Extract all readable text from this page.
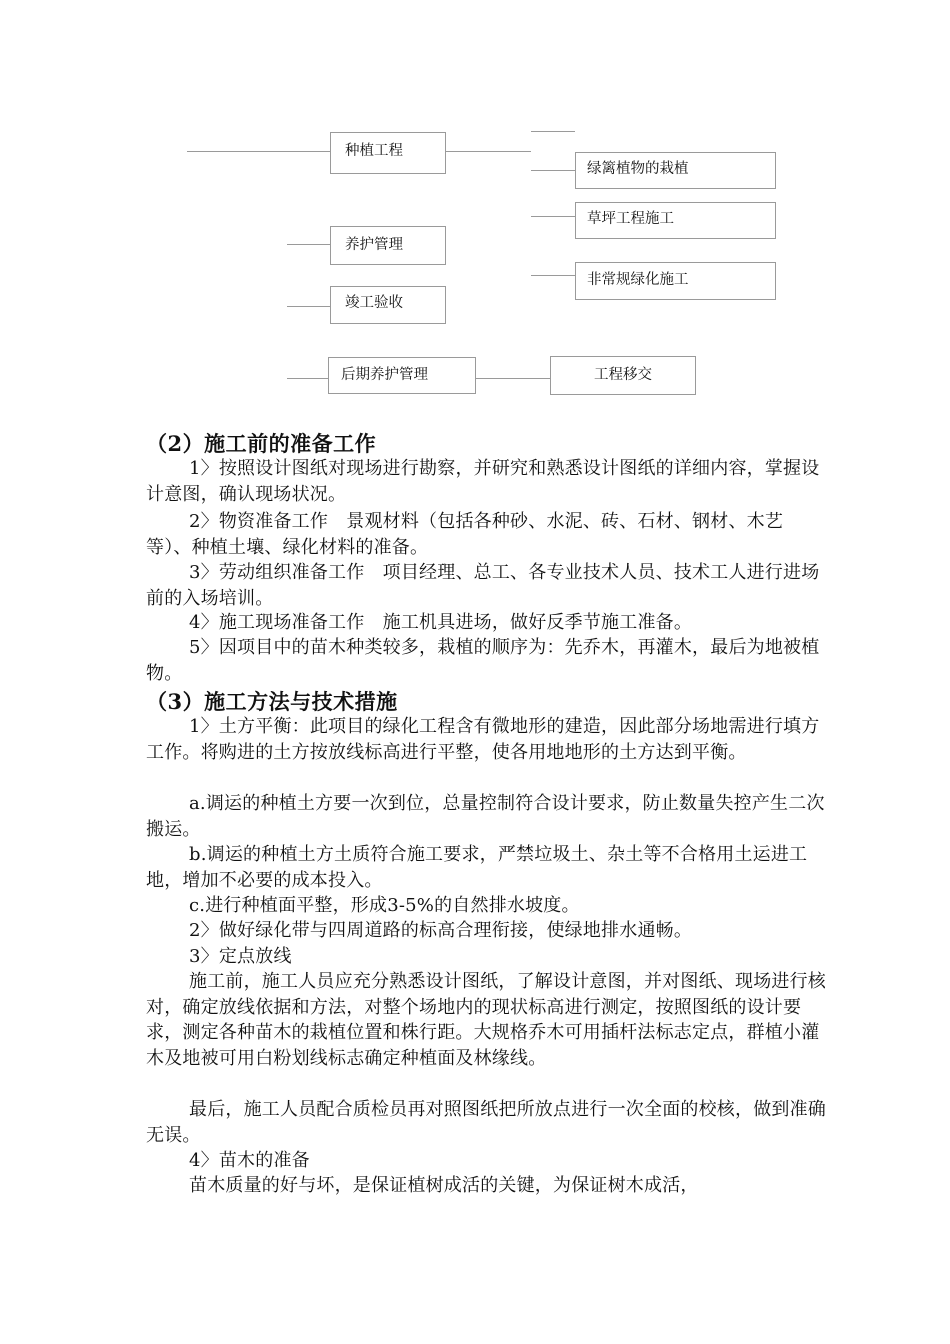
种植工程
养护管理
竣工验收
后期养护管理
绿篱植物的栽植
草坪工程施工
非常规绿化施工
工程移交
（2）施工前的准备工作

1〉按照设计图纸对现场进行勘察，并研究和熟悉设计图纸的详细内容，掌握设计意图，确认现场状况。

2〉物资准备工作　景观材料（包括各种砂、水泥、砖、石材、钢材、木艺等）、种植土壤、绿化材料的准备。

3〉劳动组织准备工作　项目经理、总工、各专业技术人员、技术工人进行进场前的入场培训。

4〉施工现场准备工作　施工机具进场，做好反季节施工准备。

5〉因项目中的苗木种类较多，栽植的顺序为：先乔木，再灌木，最后为地被植物。

（3）施工方法与技术措施

1〉土方平衡：此项目的绿化工程含有微地形的建造，因此部分场地需进行填方工作。将购进的土方按放线标高进行平整，使各用地地形的土方达到平衡。

a.调运的种植土方要一次到位，总量控制符合设计要求，防止数量失控产生二次搬运。

b.调运的种植土方土质符合施工要求，严禁垃圾土、杂土等不合格用土运进工地，增加不必要的成本投入。

c.进行种植面平整，形成3-5%的自然排水坡度。

2〉做好绿化带与四周道路的标高合理衔接，使绿地排水通畅。

3〉定点放线

施工前，施工人员应充分熟悉设计图纸，了解设计意图，并对图纸、现场进行核对，确定放线依据和方法，对整个场地内的现状标高进行测定，按照图纸的设计要求，测定各种苗木的栽植位置和株行距。大规格乔木可用插杆法标志定点，群植小灌木及地被可用白粉划线标志确定种植面及林缘线。

最后，施工人员配合质检员再对照图纸把所放点进行一次全面的校核，做到准确无误。

4〉苗木的准备

苗木质量的好与坏，是保证植树成活的关键，为保证树木成活，
